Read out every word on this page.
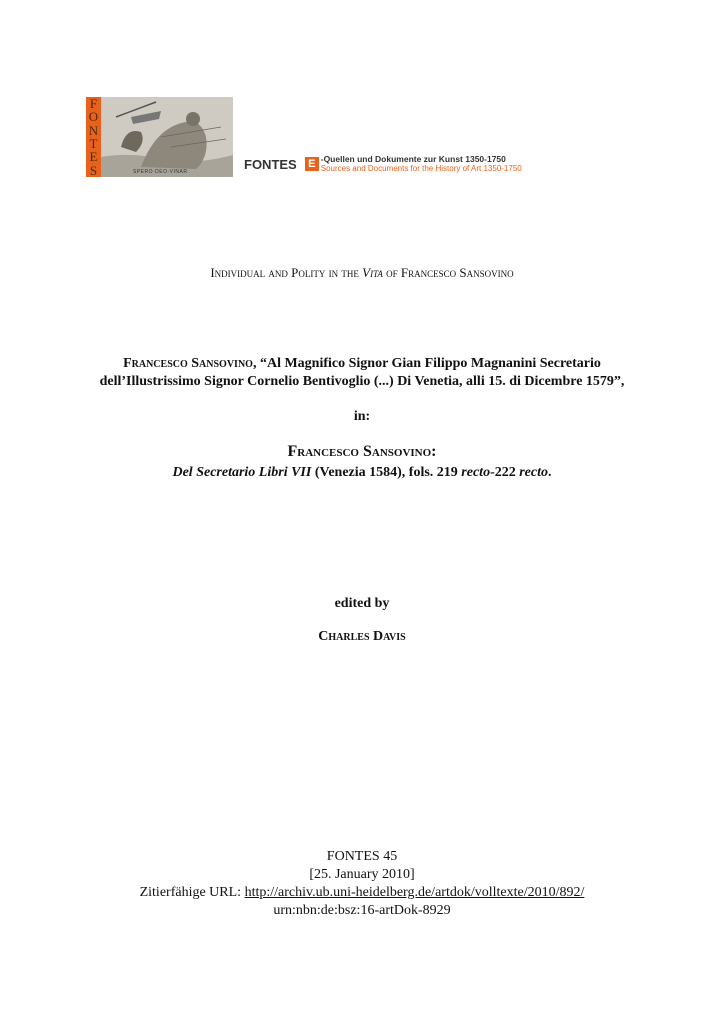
F
O
N
T
E
S	SPERO·DEO·VINAR
FONTES	E -Quellen und Dokumente zur Kunst 1350-1750
Sources and Documents for the History of Art 1350-1750
Individual and Polity in the Vita of Francesco Sansovino
Francesco Sansovino, “Al Magnifico Signor Gian Filippo Magnanini Secretario
dell’Illustrissimo Signor Cornelio Bentivoglio (...) Di Venetia, alli 15. di Dicembre 1579”,
in:
Francesco Sansovino:
Del Secretario Libri VII (Venezia 1584), fols. 219 recto-222 recto.
edited by
Charles Davis
FONTES 45
[25. January 2010]
Zitierfähige URL: http://archiv.ub.uni-heidelberg.de/artdok/volltexte/2010/892/
urn:nbn:de:bsz:16-artDok-8929
